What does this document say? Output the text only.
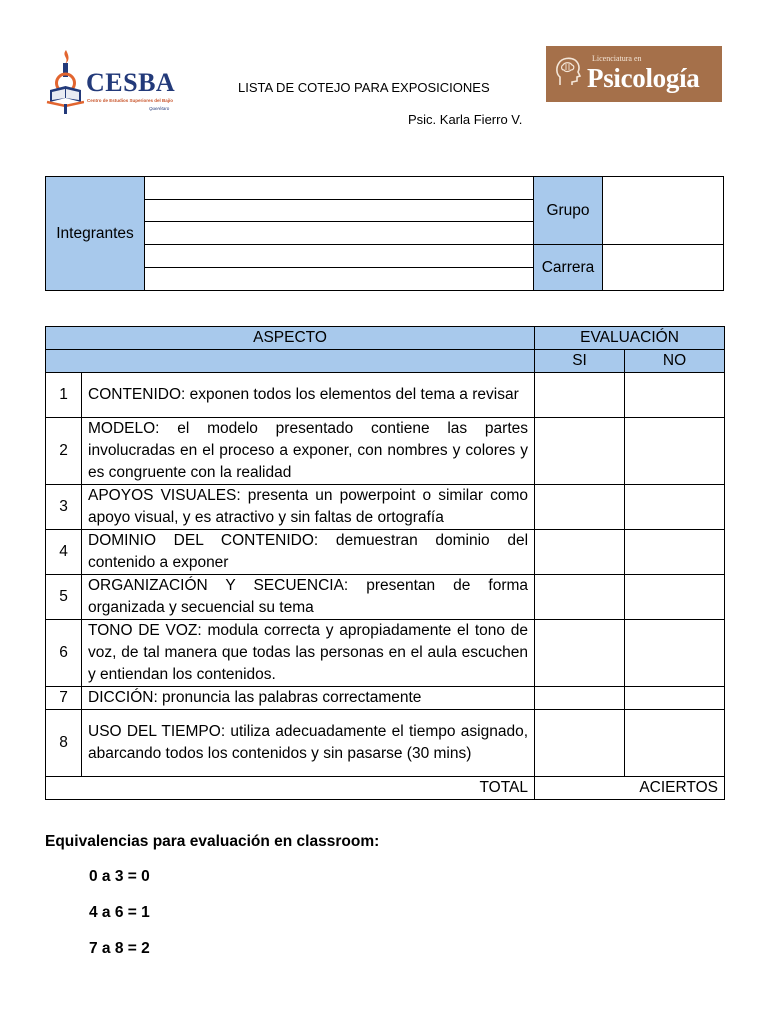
CESBA
Centro de Estudios Superiores del Bajío
Querétaro
LISTA DE COTEJO PARA EXPOSICIONES
Psic. Karla Fierro V.
Licenciatura en
Psicología
Integrantes
Grupo
Carrera
ASPECTO		EVALUACIÓN	
		SI	NO
1	CONTENIDO: exponen todos los elementos del tema a revisar		
2	MODELO: el modelo presentado contiene las partes involucradas en el proceso a exponer, con nombres y colores y es congruente con la realidad		
3	APOYOS VISUALES: presenta un powerpoint o similar como apoyo visual, y es atractivo y sin faltas de ortografía		
4	DOMINIO DEL CONTENIDO: demuestran dominio del contenido a exponer		
5	ORGANIZACIÓN Y SECUENCIA: presentan de forma organizada y secuencial su tema		
6	TONO DE VOZ: modula correcta y apropiadamente el tono de voz, de tal manera que todas las personas en el aula escuchen y entiendan los contenidos.		
7	DICCIÓN: pronuncia las palabras correctamente		
8	USO DEL TIEMPO: utiliza adecuadamente el tiempo asignado, abarcando todos los contenidos y sin pasarse (30 mins)		
TOTAL		ACIERTOS	
Equivalencias para evaluación en classroom:
0 a 3 = 0
4 a 6 = 1
7 a 8 = 2
